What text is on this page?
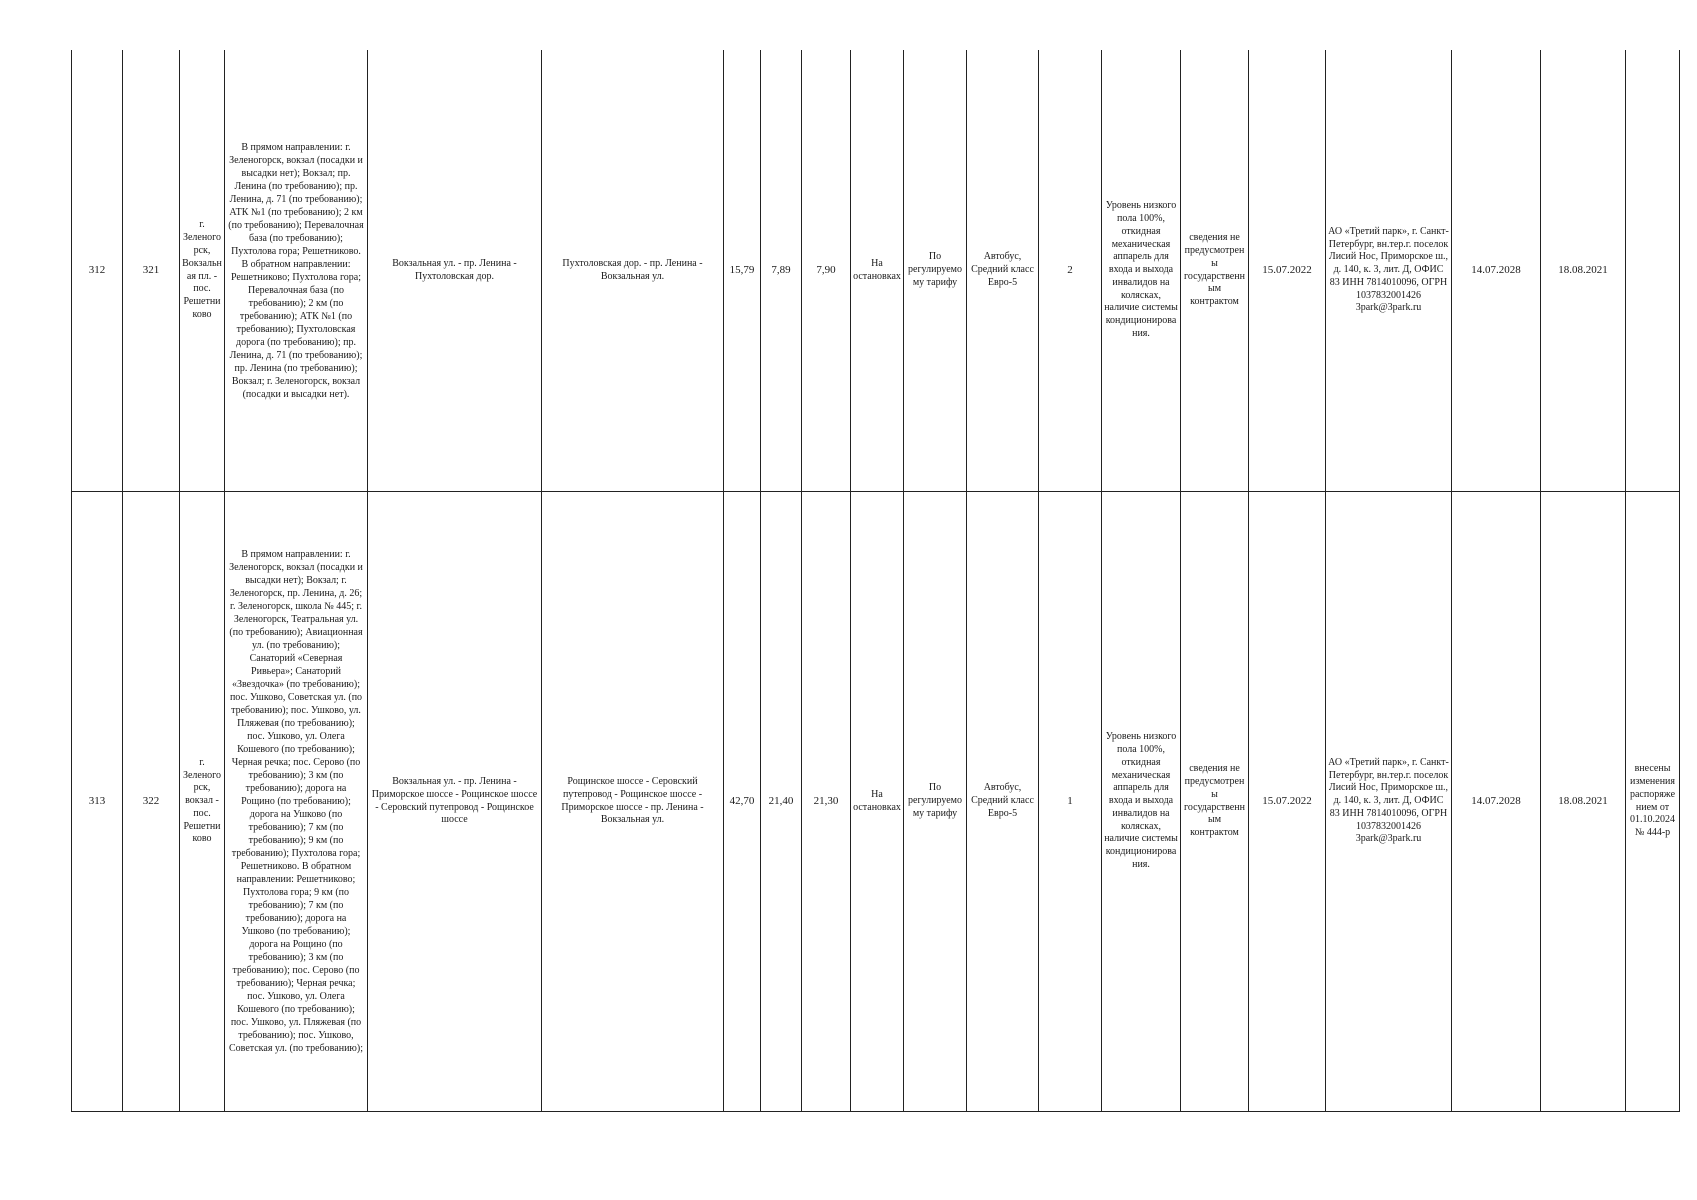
312	321	г. Зеленогорск, Вокзальная пл. - пос. Решетниково	В прямом направлении: г. Зеленогорск, вокзал (посадки и высадки нет); Вокзал; пр. Ленина (по требованию); пр. Ленина, д. 71 (по требованию); АТК №1 (по требованию); 2 км (по требованию); Перевалочная база (по требованию); Пухтолова гора; Решетниково. В обратном направлении: Решетниково; Пухтолова гора; Перевалочная база (по требованию); 2 км (по требованию); АТК №1 (по требованию); Пухтоловская дорога (по требованию); пр. Ленина, д. 71 (по требованию); пр. Ленина (по требованию); Вокзал; г. Зеленогорск, вокзал (посадки и высадки нет).	Вокзальная ул. - пр. Ленина - Пухтоловская дор.	Пухтоловская дор. - пр. Ленина - Вокзальная ул.	15,79	7,89	7,90	На остановках	По регулируемому тарифу	Автобус, Средний класс Евро-5	2	Уровень низкого пола 100%, откидная механическая аппарель для входа и выхода инвалидов на колясках, наличие системы кондиционирования.	сведения не предусмотрены государственным контрактом	15.07.2022	АО «Третий парк», г. Санкт-Петербург, вн.тер.г. поселок Лисий Нос, Приморское ш., д. 140, к. 3, лит. Д, ОФИС 83 ИНН 7814010096, ОГРН 1037832001426 3park@3park.ru	14.07.2028	18.08.2021	
313	322	г. Зеленогорск, вокзал - пос. Решетниково	В прямом направлении: г. Зеленогорск, вокзал (посадки и высадки нет); Вокзал; г. Зеленогорск, пр. Ленина, д. 26; г. Зеленогорск, школа № 445; г. Зеленогорск, Театральная ул. (по требованию); Авиационная ул. (по требованию); Санаторий «Северная Ривьера»; Санаторий «Звездочка» (по требованию); пос. Ушково, Советская ул. (по требованию); пос. Ушково, ул. Пляжевая (по требованию); пос. Ушково, ул. Олега Кошевого (по требованию); Черная речка; пос. Серово (по требованию); 3 км (по требованию); дорога на Рощино (по требованию); дорога на Ушково (по требованию); 7 км (по требованию); 9 км (по требованию); Пухтолова гора; Решетниково. В обратном направлении: Решетниково; Пухтолова гора; 9 км (по требованию); 7 км (по требованию); дорога на Ушково (по требованию); дорога на Рощино (по требованию); 3 км (по требованию); пос. Серово (по требованию); Черная речка; пос. Ушково, ул. Олега Кошевого (по требованию); пос. Ушково, ул. Пляжевая (по требованию); пос. Ушково, Советская ул. (по требованию);	Вокзальная ул. - пр. Ленина - Приморское шоссе - Рощинское шоссе - Серовский путепровод - Рощинское шоссе	Рощинское шоссе - Серовский путепровод - Рощинское шоссе - Приморское шоссе - пр. Ленина - Вокзальная ул.	42,70	21,40	21,30	На остановках	По регулируемому тарифу	Автобус, Средний класс Евро-5	1	Уровень низкого пола 100%, откидная механическая аппарель для входа и выхода инвалидов на колясках, наличие системы кондиционирования.	сведения не предусмотрены государственным контрактом	15.07.2022	АО «Третий парк», г. Санкт-Петербург, вн.тер.г. поселок Лисий Нос, Приморское ш., д. 140, к. 3, лит. Д, ОФИС 83 ИНН 7814010096, ОГРН 1037832001426 3park@3park.ru	14.07.2028	18.08.2021	внесены изменения распоряжением от 01.10.2024 № 444-р
